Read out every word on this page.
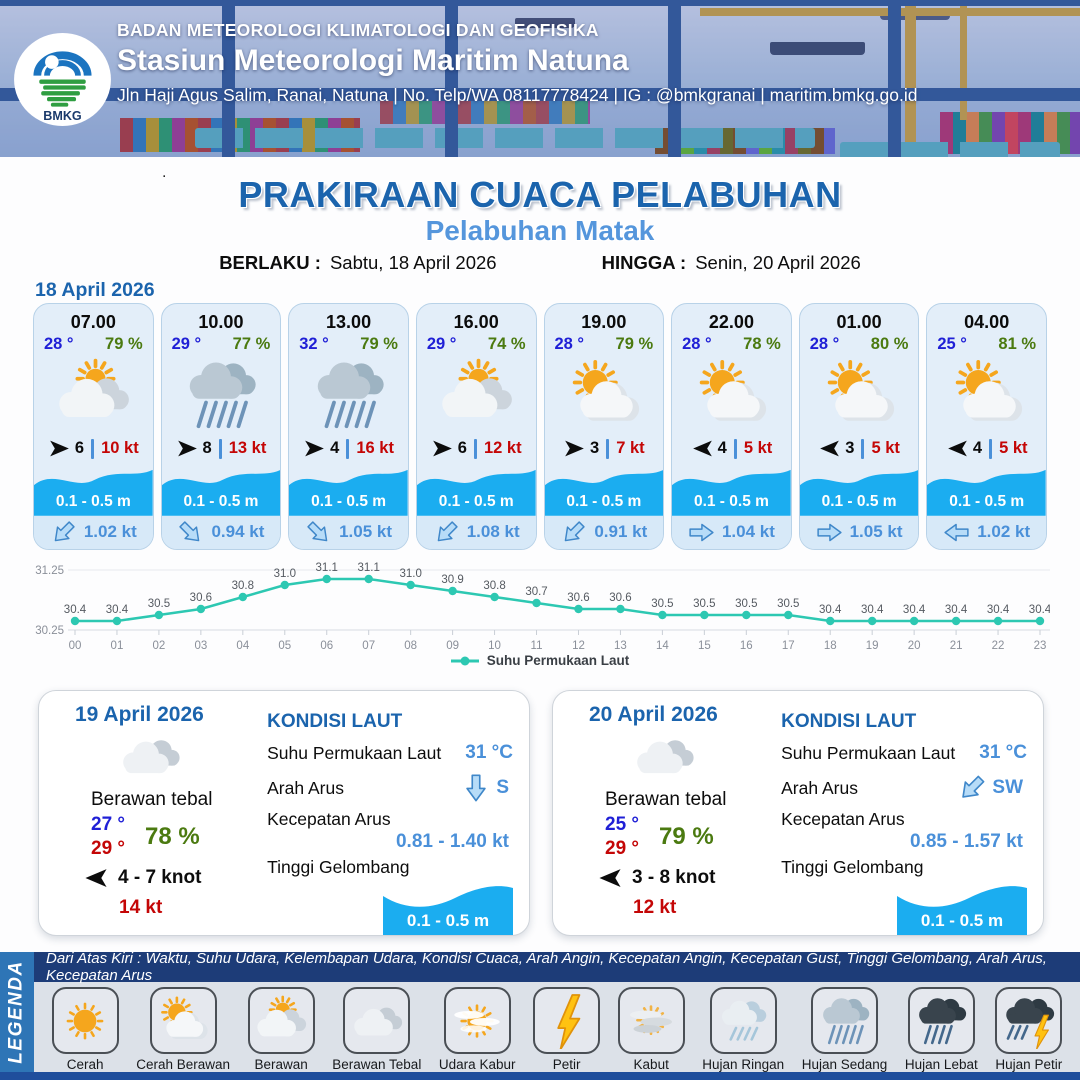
BMKG
BADAN METEOROLOGI KLIMATOLOGI DAN GEOFISIKA
Stasiun Meteorologi Maritim Natuna
Jln Haji Agus Salim, Ranai, Natuna | No. Telp/WA 08117778424 | IG : @bmkgranai | maritim.bmkg.go.id
.
PRAKIRAAN CUACA PELABUHAN
Pelabuhan Matak
BERLAKU : Sabtu, 18 April 2026	HINGGA : Senin, 20 April 2026
18 April 2026
07.00
28 ° 79 %
6 10 kt
0.1 - 0.5 m
1.02 kt
10.00
29 ° 77 %
8 13 kt
0.1 - 0.5 m
0.94 kt
13.00
32 ° 79 %
4 16 kt
0.1 - 0.5 m
1.05 kt
16.00
29 ° 74 %
6 12 kt
0.1 - 0.5 m
1.08 kt
19.00
28 ° 79 %
3 7 kt
0.1 - 0.5 m
0.91 kt
22.00
28 ° 78 %
4 5 kt
0.1 - 0.5 m
1.04 kt
01.00
28 ° 80 %
3 5 kt
0.1 - 0.5 m
1.05 kt
04.00
25 ° 81 %
4 5 kt
0.1 - 0.5 m
1.02 kt
31.25
30.25
30.4
00
30.4
01
30.5
02
30.6
03
30.8
04
31.0
05
31.1
06
31.1
07
31.0
08
30.9
09
30.8
10
30.7
11
30.6
12
30.6
13
30.5
14
30.5
15
30.5
16
30.5
17
30.4
18
30.4
19
30.4
20
30.4
21
30.4
22
30.4
23
Suhu Permukaan Laut
19 April 2026
Berawan tebal
27 °
29 ° 78 %
4 - 7 knot
14 kt
KONDISI LAUT
Suhu Permukaan Laut 31 °C
Arah Arus	S
Kecepatan Arus
0.81 - 1.40 kt
Tinggi Gelombang
0.1 - 0.5 m
20 April 2026
Berawan tebal
25 °
29 ° 79 %
3 - 8 knot
12 kt
KONDISI LAUT
Suhu Permukaan Laut 31 °C
Arah Arus	SW
Kecepatan Arus
0.85 - 1.57 kt
Tinggi Gelombang
0.1 - 0.5 m
LEGENDA
Dari Atas Kiri : Waktu, Suhu Udara, Kelembapan Udara, Kondisi Cuaca, Arah Angin, Kecepatan Angin, Kecepatan Gust, Tinggi Gelombang, Arah Arus, Kecepatan Arus
Cerah Cerah Berawan Berawan Berawan Tebal Udara Kabur	Petir	Kabut Hujan Ringan Hujan Sedang Hujan Lebat Hujan Petir
